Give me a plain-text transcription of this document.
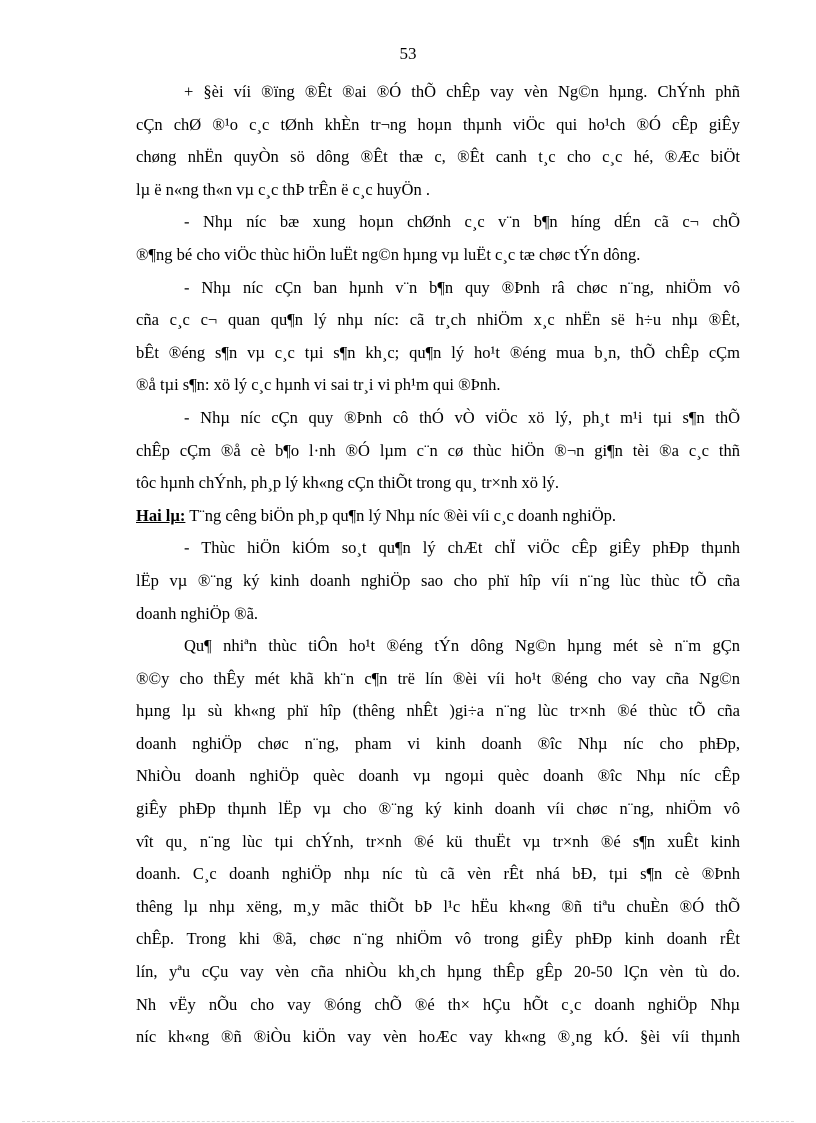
53
+ §èi víi ®ïng ®Êt ®ai ®Ó thÕ chÊp vay vèn Ng©n hµng. ChÝnh phñ
cÇn chØ ®¹o c¸c tØnh khÈn tr¬ng hoµn thµnh viÖc qui ho¹ch ®Ó cÊp giÊy
chøng nhËn quyÒn sö dông ®Êt thæ c, ®Êt canh t¸c cho c¸c hé, ®Æc biÖt
lµ ë n«ng th«n vµ c¸c thÞ trÊn ë c¸c huyÖn .
- Nhµ níc bæ xung hoµn chØnh c¸c v¨n b¶n híng dÉn cã c¬ chÕ
®¶ng bé cho viÖc thùc hiÖn luËt ng©n hµng vµ luËt c¸c tæ chøc tÝn dông.
- Nhµ níc cÇn ban hµnh v¨n b¶n quy ®Þnh râ chøc n¨ng, nhiÖm vô
cña c¸c c¬ quan qu¶n lý nhµ níc: cã tr¸ch nhiÖm x¸c nhËn së h÷u nhµ ®Êt,
bÊt ®éng s¶n vµ c¸c tµi s¶n kh¸c; qu¶n lý ho¹t ®éng mua b¸n, thÕ chÊp cÇm
®å tµi s¶n: xö lý c¸c hµnh vi sai tr¸i vi ph¹m qui ®Þnh.
- Nhµ níc cÇn quy ®Þnh cô thÓ vÒ viÖc xö lý, ph¸t m¹i tµi s¶n thÕ
chÊp cÇm ®å cè b¶o l·nh ®Ó lµm c¨n cø thùc hiÖn ®¬n gi¶n tèi ®a c¸c thñ
tôc hµnh chÝnh, ph¸p lý kh«ng cÇn thiÕt trong qu¸ tr×nh xö lý.
Hai lµ: T¨ng cêng biÖn ph¸p qu¶n lý Nhµ níc ®èi víi c¸c doanh nghiÖp.
- Thùc hiÖn kiÓm so¸t qu¶n lý chÆt chÏ viÖc cÊp giÊy phÐp thµnh
lËp vµ ®¨ng ký kinh doanh nghiÖp sao cho phï hîp víi n¨ng lùc thùc tÕ cña
doanh nghiÖp ®ã.
Qu¶ nhiªn thùc tiÔn ho¹t ®éng tÝn dông Ng©n hµng mét sè n¨m gÇn
®©y cho thÊy mét khã kh¨n c¶n trë lín ®èi víi ho¹t ®éng cho vay cña Ng©n
hµng lµ sù kh«ng phï hîp (thêng nhÊt )gi÷a n¨ng lùc tr×nh ®é thùc tÕ cña
doanh nghiÖp chøc n¨ng, pham vi kinh doanh ®îc Nhµ níc cho phÐp,
NhiÒu doanh nghiÖp quèc doanh vµ ngoµi quèc doanh ®îc Nhµ níc cÊp
giÊy phÐp thµnh lËp vµ cho ®¨ng ký kinh doanh víi chøc n¨ng, nhiÖm vô
vît qu¸ n¨ng lùc tµi chÝnh, tr×nh ®é kü thuËt vµ tr×nh ®é s¶n xuÊt kinh
doanh. C¸c doanh nghiÖp nhµ níc tù cã vèn rÊt nhá bÐ, tµi s¶n cè ®Þnh
thêng lµ nhµ xëng, m¸y mãc thiÕt bÞ l¹c hËu kh«ng ®ñ tiªu chuÈn ®Ó thÕ
chÊp. Trong khi ®ã, chøc n¨ng nhiÖm vô trong giÊy phÐp kinh doanh rÊt
lín, yªu cÇu vay vèn cña nhiÒu kh¸ch hµng thÊp gÊp 20-50 lÇn vèn tù do.
Nh vËy nÕu cho vay ®óng chÕ ®é th× hÇu hÕt c¸c doanh nghiÖp Nhµ
níc kh«ng ®ñ ®iÒu kiÖn vay vèn hoÆc vay kh«ng ®¸ng kÓ. §èi víi thµnh
